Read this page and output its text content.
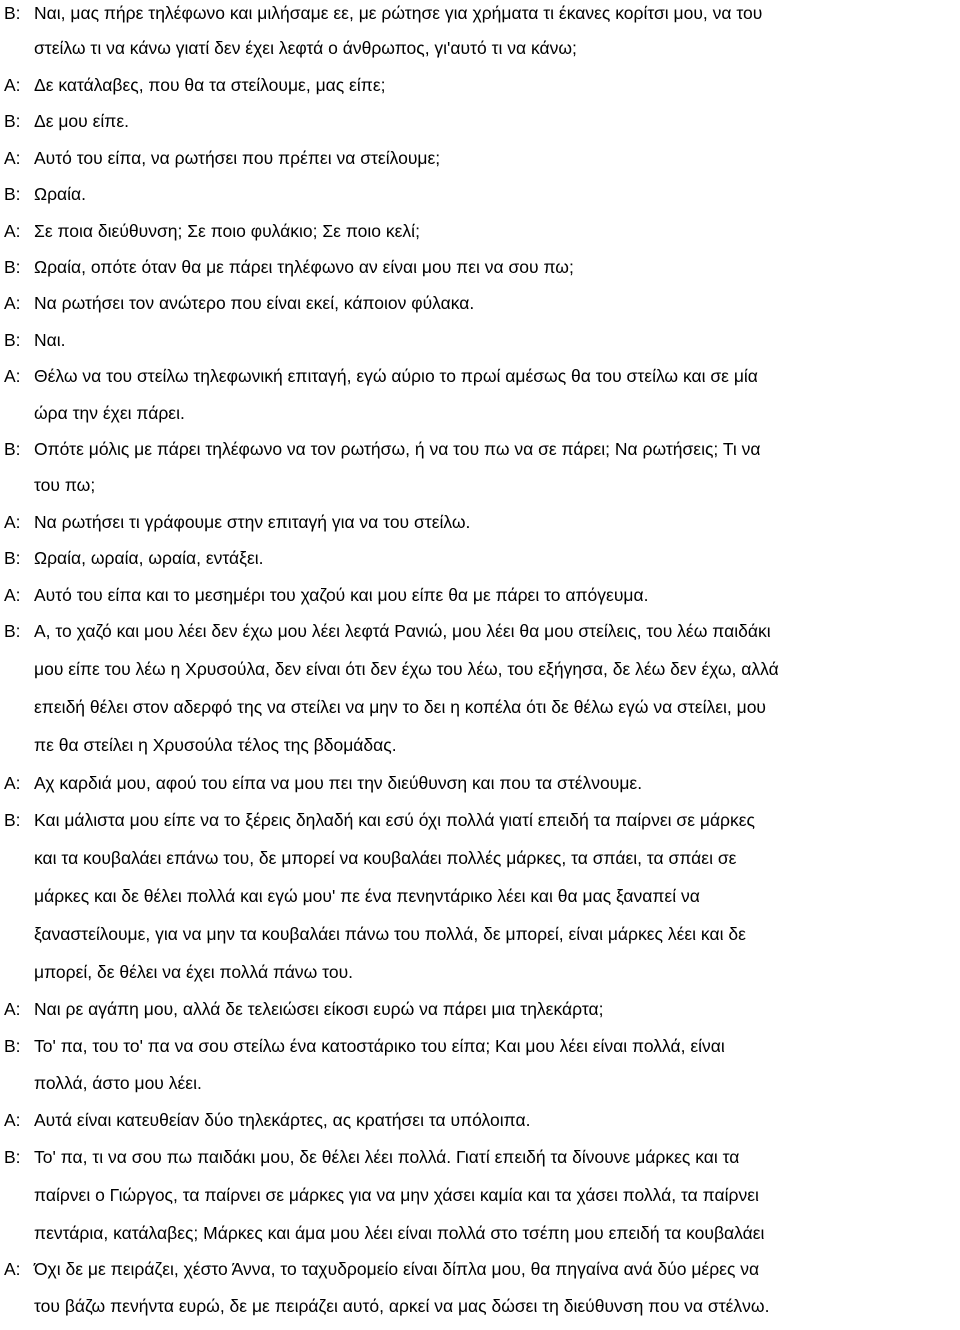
Β: Ναι, μας πήρε τηλέφωνο και μιλήσαμε εε, με ρώτησε για χρήματα τι έκανες κορίτσι μου, να του
στείλω τι να κάνω γιατί δεν έχει λεφτά ο άνθρωπος, γι'αυτό τι να κάνω;
Α: Δε κατάλαβες, που θα τα στείλουμε, μας είπε;
Β: Δε μου είπε.
Α: Αυτό του είπα, να ρωτήσει που πρέπει να στείλουμε;
Β: Ωραία.
Α: Σε ποια διεύθυνση; Σε ποιο φυλάκιο; Σε ποιο κελί;
Β: Ωραία, οπότε όταν θα με πάρει τηλέφωνο αν είναι μου πει να σου πω;
Α: Να ρωτήσει τον ανώτερο που είναι εκεί, κάποιον φύλακα.
Β: Ναι.
Α: Θέλω να του στείλω τηλεφωνική επιταγή, εγώ αύριο το πρωί αμέσως θα του στείλω και σε μία
ώρα την έχει πάρει.
Β: Οπότε μόλις με πάρει τηλέφωνο να τον ρωτήσω, ή να του πω να σε πάρει; Να ρωτήσεις; Τι να
του πω;
Α: Να ρωτήσει τι γράφουμε στην επιταγή για να του στείλω.
Β: Ωραία, ωραία, ωραία, εντάξει.
Α: Αυτό του είπα και το μεσημέρι του χαζού και μου είπε θα με πάρει το απόγευμα.
Β: Α, το χαζό και μου λέει δεν έχω μου λέει λεφτά Ρανιώ, μου λέει θα μου στείλεις, του λέω παιδάκι
μου είπε του λέω η Χρυσούλα, δεν είναι ότι δεν έχω του λέω, του εξήγησα, δε λέω δεν έχω, αλλά
επειδή θέλει στον αδερφό της να στείλει να μην το δει η κοπέλα ότι δε θέλω εγώ να στείλει, μου
πε θα στείλει η Χρυσούλα τέλος της βδομάδας.
Α: Αχ καρδιά μου, αφού του είπα να μου πει την διεύθυνση και που τα στέλνουμε.
Β: Και μάλιστα μου είπε να το ξέρεις δηλαδή και εσύ όχι πολλά γιατί επειδή τα παίρνει σε μάρκες
και τα κουβαλάει επάνω του, δε μπορεί να κουβαλάει πολλές μάρκες, τα σπάει, τα σπάει σε
μάρκες και δε θέλει πολλά και εγώ μου' πε ένα πενηντάρικο λέει και θα μας ξαναπεί να
ξαναστείλουμε, για να μην τα κουβαλάει πάνω του πολλά, δε μπορεί, είναι μάρκες λέει και δε
μπορεί, δε θέλει να έχει πολλά πάνω του.
Α: Ναι ρε αγάπη μου, αλλά δε τελειώσει είκοσι ευρώ να πάρει μια τηλεκάρτα;
Β: Το' πα, του το' πα να σου στείλω ένα κατοστάρικο του είπα; Και μου λέει είναι πολλά, είναι
πολλά, άστο μου λέει.
Α: Αυτά είναι κατευθείαν δύο τηλεκάρτες, ας κρατήσει τα υπόλοιπα.
Β: Το' πα, τι να σου πω παιδάκι μου, δε θέλει λέει πολλά. Γιατί επειδή τα δίνουνε μάρκες και τα
παίρνει ο Γιώργος, τα παίρνει σε μάρκες για να μην χάσει καμία και τα χάσει πολλά, τα παίρνει
πεντάρια, κατάλαβες; Μάρκες και άμα μου λέει είναι πολλά στο τσέπη μου επειδή τα κουβαλάει
Α: Όχι δε με πειράζει, χέστο Άννα, το ταχυδρομείο είναι δίπλα μου, θα πηγαίνα ανά δύο μέρες να
του βάζω πενήντα ευρώ, δε με πειράζει αυτό, αρκεί να μας δώσει τη διεύθυνση που να στέλνω.
